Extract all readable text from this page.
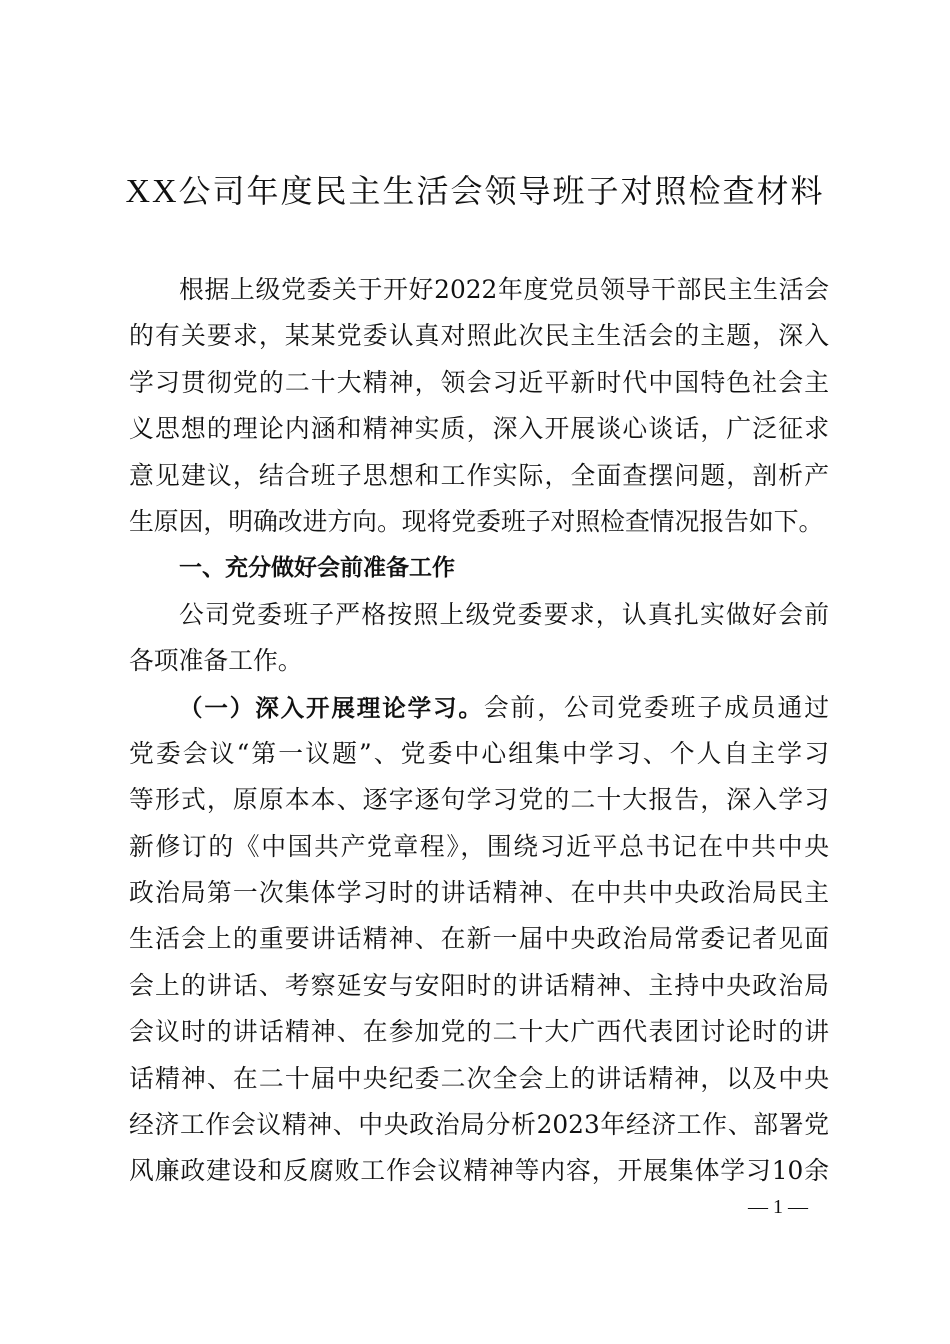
XX公司年度民主生活会领导班子对照检查材料
根据上级党委关于开好2022年度党员领导干部民主生活会
的有关要求，某某党委认真对照此次民主生活会的主题，深入
学习贯彻党的二十大精神，领会习近平新时代中国特色社会主
义思想的理论内涵和精神实质，深入开展谈心谈话，广泛征求
意见建议，结合班子思想和工作实际，全面查摆问题，剖析产
生原因，明确改进方向。现将党委班子对照检查情况报告如下。
一、充分做好会前准备工作
公司党委班子严格按照上级党委要求，认真扎实做好会前
各项准备工作。
（一）深入开展理论学习。会前，公司党委班子成员通过
党委会议“第一议题”、党委中心组集中学习、个人自主学习
等形式，原原本本、逐字逐句学习党的二十大报告，深入学习
新修订的《中国共产党章程》，围绕习近平总书记在中共中央
政治局第一次集体学习时的讲话精神、在中共中央政治局民主
生活会上的重要讲话精神、在新一届中央政治局常委记者见面
会上的讲话、考察延安与安阳时的讲话精神、主持中央政治局
会议时的讲话精神、在参加党的二十大广西代表团讨论时的讲
话精神、在二十届中央纪委二次全会上的讲话精神，以及中央
经济工作会议精神、中央政治局分析2023年经济工作、部署党
风廉政建设和反腐败工作会议精神等内容，开展集体学习10余
— 1 —
